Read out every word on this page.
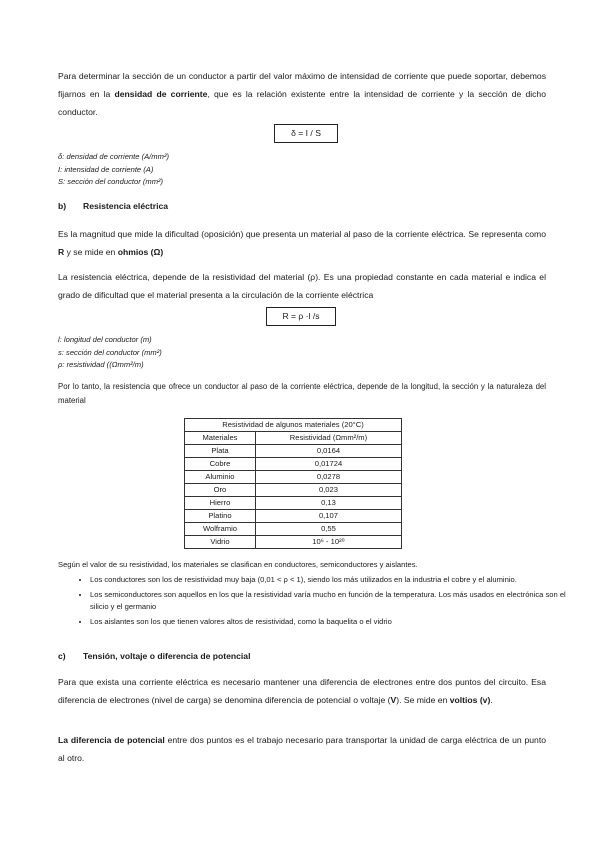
Para determinar la sección de un conductor a partir del valor máximo de intensidad de corriente que puede soportar, debemos fijarnos en la densidad de corriente, que es la relación existente entre la intensidad de corriente y la sección de dicho conductor.
δ = I / S
δ: densidad de corriente (A/mm²)
I: intensidad de corriente (A)
S: sección del conductor (mm²)
b) Resistencia eléctrica
Es la magnitud que mide la dificultad (oposición) que presenta un material al paso de la corriente eléctrica. Se representa como R y se mide en ohmios (Ω)
La resistencia eléctrica, depende de la resistividad del material (ρ). Es una propiedad constante en cada material e indica el grado de dificultad que el material presenta a la circulación de la corriente eléctrica
R = ρ ·l /s
l: longitud del conductor (m)
s: sección del conductor (mm²)
ρ: resistividad ((Ωmm²/m)
Por lo tanto, la resistencia que ofrece un conductor al paso de la corriente eléctrica, depende de la longitud, la sección y la naturaleza del material
Resistividad de algunos materiales (20°C)	
Materiales	Resistividad (Ωmm²/m)
Plata	0,0164
Cobre	0,01724
Aluminio	0,0278
Oro	0,023
Hierro	0,13
Platino	0,107
Wolframio	0,55
Vidrio	10⁶ - 10²⁰
Según el valor de su resistividad, los materiales se clasifican en conductores, semiconductores y aislantes.
• Los conductores son los de resistividad muy baja (0,01 < ρ < 1), siendo los más utilizados en la industria el cobre y el aluminio.
• Los semiconductores son aquellos en los que la resistividad varía mucho en función de la temperatura. Los más usados en electrónica son el silicio y el germanio
• Los aislantes son los que tienen valores altos de resistividad, como la baquelita o el vidrio
c) Tensión, voltaje o diferencia de potencial
Para que exista una corriente eléctrica es necesario mantener una diferencia de electrones entre dos puntos del circuito. Esa diferencia de electrones (nivel de carga) se denomina diferencia de potencial o voltaje (V). Se mide en voltios (v).
La diferencia de potencial entre dos puntos es el trabajo necesario para transportar la unidad de carga eléctrica de un punto al otro.
